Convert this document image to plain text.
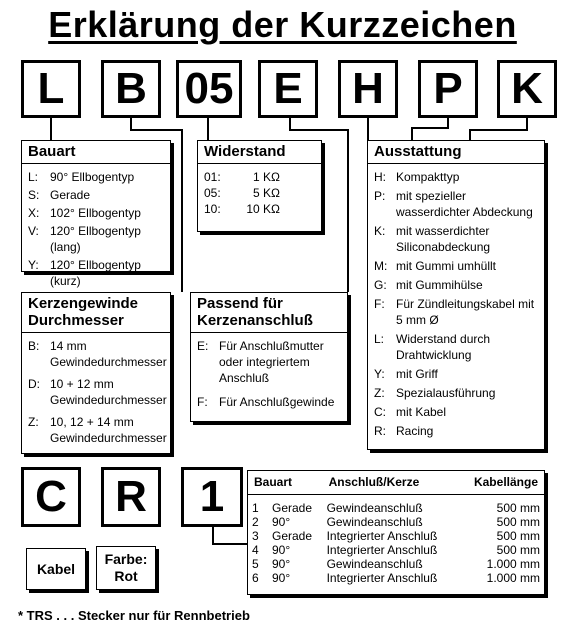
Erklärung der Kurzzeichen
L	B 05 E	H	P	K
Bauart
L: 90° Ellbogentyp
S: Gerade
X: 102° Ellbogentyp
V: 120° Ellbogentyp (lang)
Y: 120° Ellbogentyp (kurz)
Widerstand
01:	1 KΩ
05:	5 KΩ
10:	10 KΩ
Ausstattung
H: Kompakttyp
P: mit spezieller wasserdichter Abdeckung
K: mit wasserdichter Siliconabdeckung
M: mit Gummi umhüllt
G: mit Gummihülse
F: Für Zündleitungskabel mit 5 mm Ø
L: Widerstand durch Drahtwicklung
Y: mit Griff
Z: Spezialausführung
C: mit Kabel
R: Racing
Kerzengewinde
Durchmesser
B: 14 mm Gewindedurchmesser
D: 10 + 12 mm Gewindedurchmesser
Z: 10, 12 + 14 mm Gewindedurchmesser
Passend für
Kerzenanschluß
E: Für Anschlußmutter oder integriertem Anschluß
F: Für Anschlußgewinde
C	R	1
Kabel
Farbe:
Rot
Bauart		Anschluß/Kerze	Kabellänge
1	Gerade	Gewindeanschluß	500 mm
2	90°	Gewindeanschluß	500 mm
3	Gerade	Integrierter Anschluß	500 mm
4	90°	Integrierter Anschluß	500 mm
5	90°	Gewindeanschluß	1.000 mm
6	90°	Integrierter Anschluß	1.000 mm
* TRS . . . Stecker nur für Rennbetrieb
